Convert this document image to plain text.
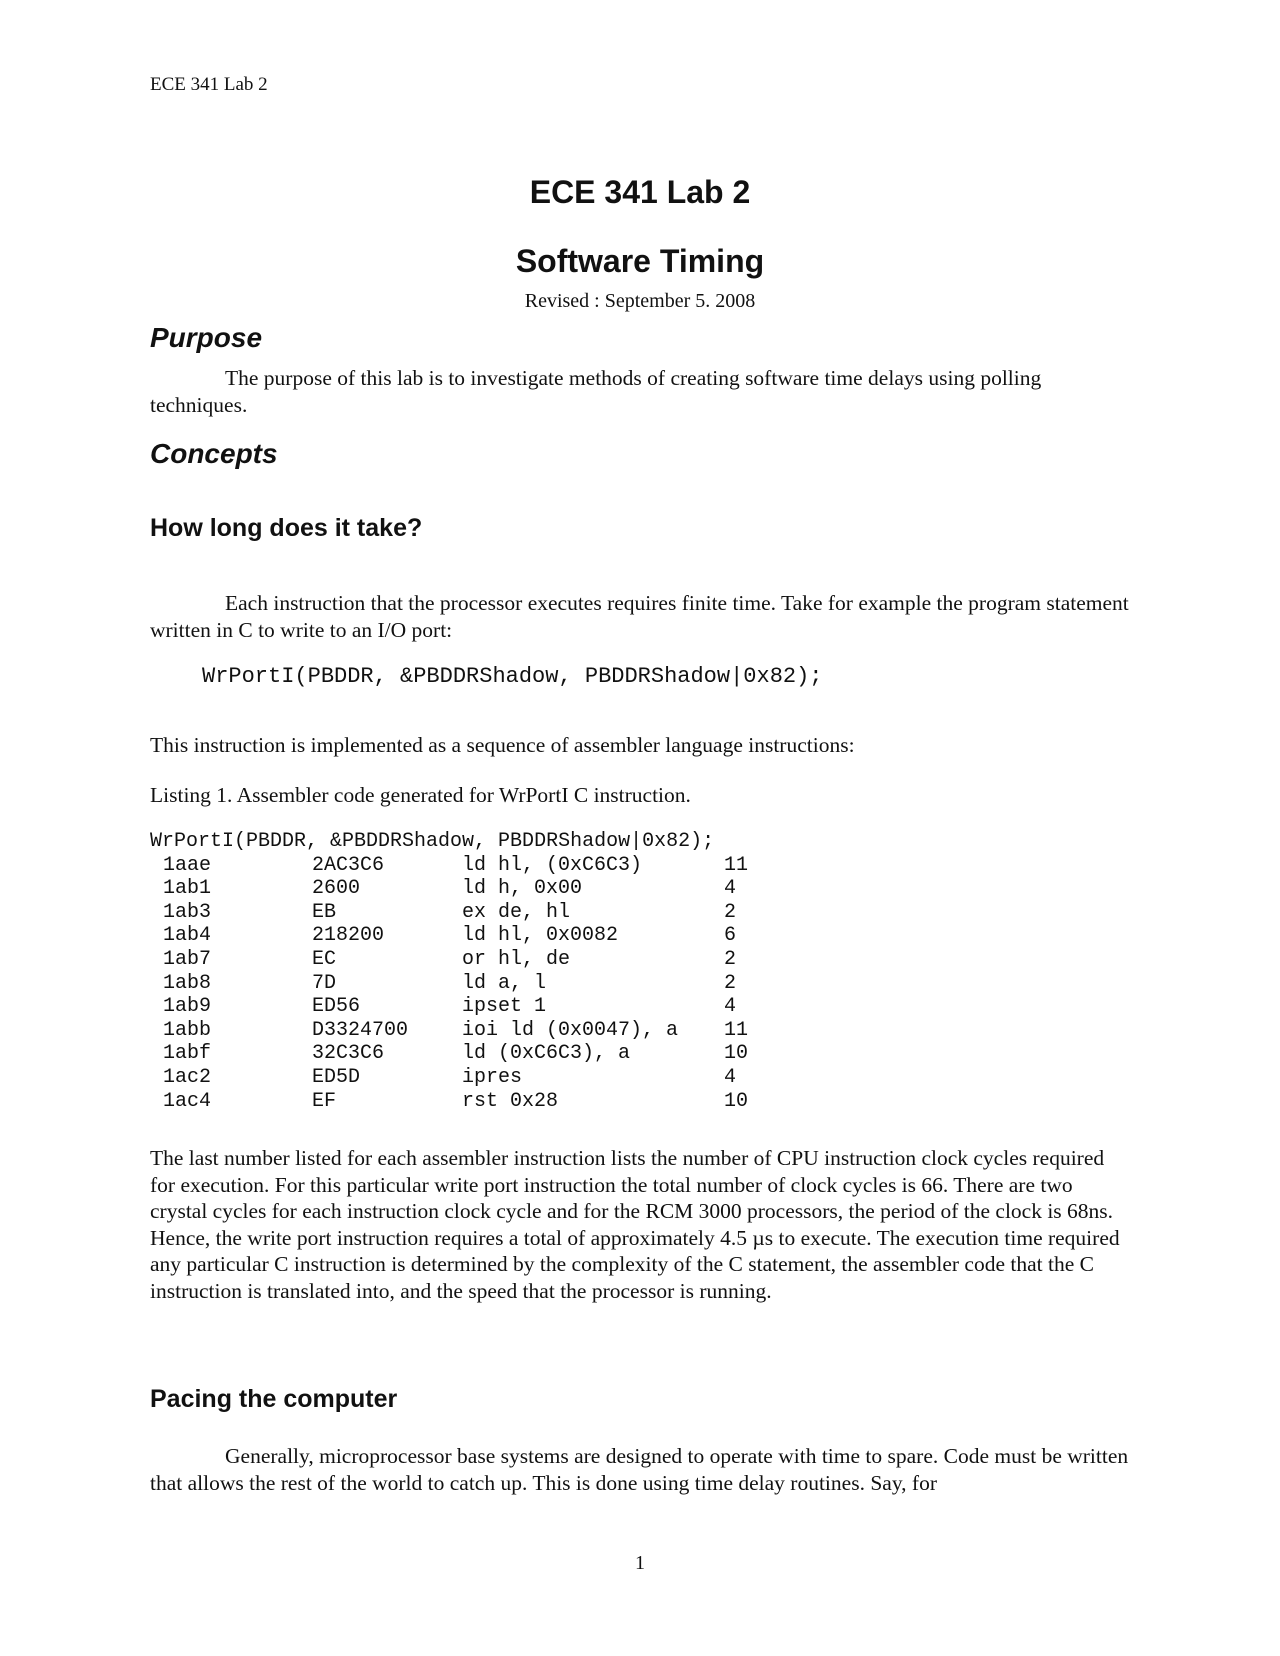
ECE 341 Lab 2
ECE 341 Lab 2
Software Timing
Revised : September 5. 2008
Purpose

The purpose of this lab is to investigate methods of creating software time delays using polling techniques.

Concepts
How long does it take?

Each instruction that the processor executes requires finite time. Take for example the program statement written in C to write to an I/O port:

WrPortI(PBDDR, &PBDDRShadow, PBDDRShadow|0x82);

This instruction is implemented as a sequence of assembler language instructions:

Listing 1. Assembler code generated for WrPortI C instruction.
WrPortI(PBDDR, &PBDDRShadow, PBDDRShadow|0x82);
1aae	2AC3C6	ld hl, (0xC6C3)	11
1ab1	2600	ld h, 0x00	4
1ab3	EB	ex de, hl	2
1ab4	218200	ld hl, 0x0082	6
1ab7	EC	or hl, de	2
1ab8	7D	ld a, l	2
1ab9	ED56	ipset 1	4
1abb	D3324700	ioi ld (0x0047), a	11
1abf	32C3C6	ld (0xC6C3), a	10
1ac2	ED5D	ipres	4
1ac4	EF	rst 0x28	10

The last number listed for each assembler instruction lists the number of CPU instruction clock cycles required for execution. For this particular write port instruction the total number of clock cycles is 66. There are two crystal cycles for each instruction clock cycle and for the RCM 3000 processors, the period of the clock is 68ns. Hence, the write port instruction requires a total of approximately 4.5 µs to execute. The execution time required any particular C instruction is determined by the complexity of the C statement, the assembler code that the C instruction is translated into, and the speed that the processor is running.

Pacing the computer

Generally, microprocessor base systems are designed to operate with time to spare. Code must be written that allows the rest of the world to catch up. This is done using time delay routines. Say, for

1
